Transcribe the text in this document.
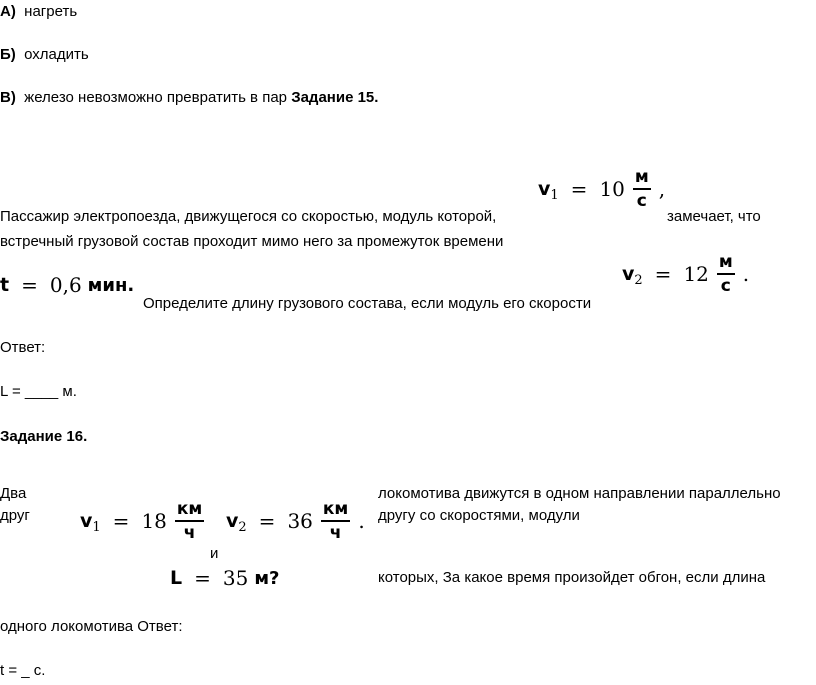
А) нагреть
Б) охладить
В) железо невозможно превратить в пар Задание 15.
v $1 = 10 \frac{м}{с}$ ,
Пассажир электропоезда, движущегося со скоростью, модуль которой,	замечает, что
встречный грузовой состав проходит мимо него за промежуток времени
t = 0,6 мин.	v $2 = 12 \frac{м}{с}$ .
Определите длину грузового состава, если модуль его скорости
Ответ:
L = ____ м.
Задание 16.
Два	локомотива движутся в одном направлении параллельно
друг	другу со скоростями, модули
v $1 = 18 \frac{км}{ч}$
и
v $2 = 36 \frac{км}{ч}$ .
L = 35 м?	которых, За какое время произойдет обгон, если длина
одного локомотива Ответ:
t = _ с.
